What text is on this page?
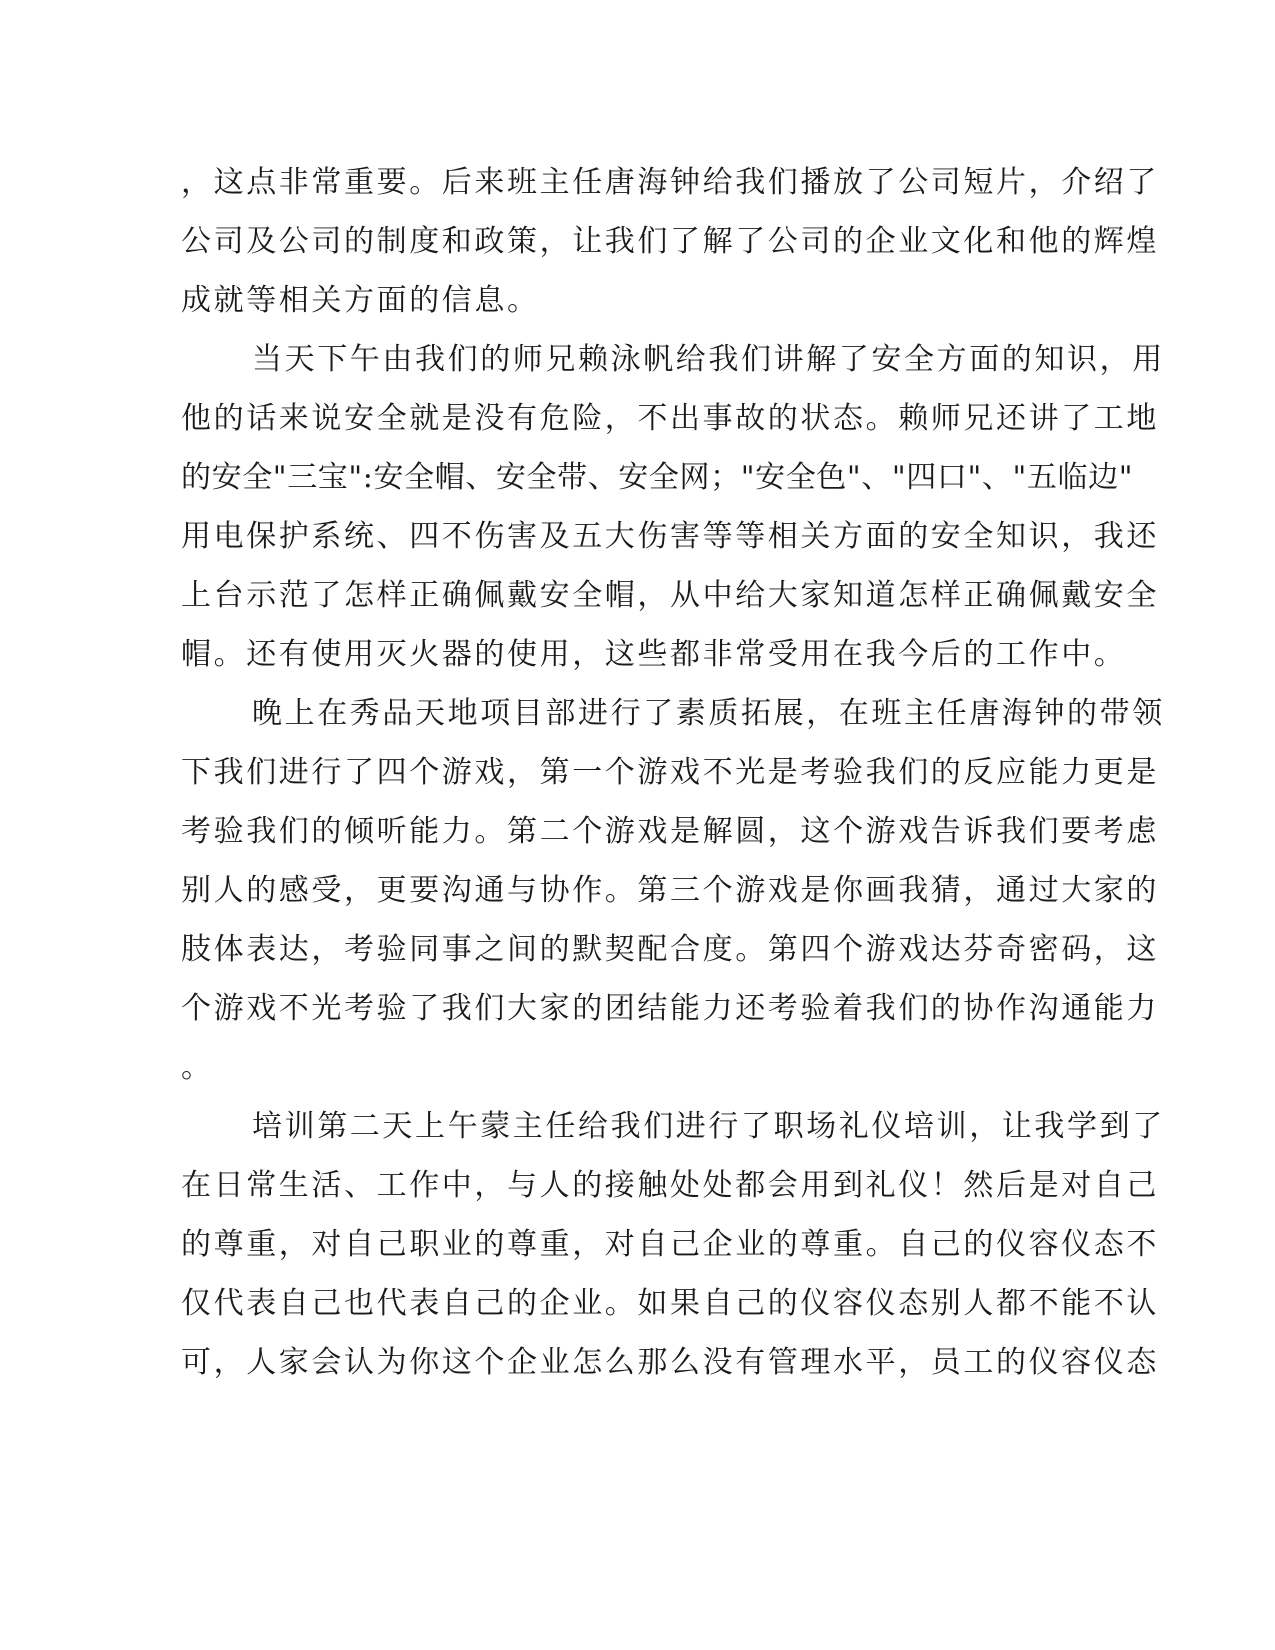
，这点非常重要。后来班主任唐海钟给我们播放了公司短片，介绍了
公司及公司的制度和政策，让我们了解了公司的企业文化和他的辉煌
成就等相关方面的信息。
当天下午由我们的师兄赖泳帆给我们讲解了安全方面的知识，用
他的话来说安全就是没有危险，不出事故的状态。赖师兄还讲了工地
的安全"三宝":安全帽、安全带、安全网；"安全色"、"四口"、"五临边"
用电保护系统、四不伤害及五大伤害等等相关方面的安全知识，我还
上台示范了怎样正确佩戴安全帽，从中给大家知道怎样正确佩戴安全
帽。还有使用灭火器的使用，这些都非常受用在我今后的工作中。
晚上在秀品天地项目部进行了素质拓展，在班主任唐海钟的带领
下我们进行了四个游戏，第一个游戏不光是考验我们的反应能力更是
考验我们的倾听能力。第二个游戏是解圆，这个游戏告诉我们要考虑
别人的感受，更要沟通与协作。第三个游戏是你画我猜，通过大家的
肢体表达，考验同事之间的默契配合度。第四个游戏达芬奇密码，这
个游戏不光考验了我们大家的团结能力还考验着我们的协作沟通能力
。
培训第二天上午蒙主任给我们进行了职场礼仪培训，让我学到了
在日常生活、工作中，与人的接触处处都会用到礼仪！然后是对自己
的尊重，对自己职业的尊重，对自己企业的尊重。自己的仪容仪态不
仅代表自己也代表自己的企业。如果自己的仪容仪态别人都不能不认
可，人家会认为你这个企业怎么那么没有管理水平，员工的仪容仪态
